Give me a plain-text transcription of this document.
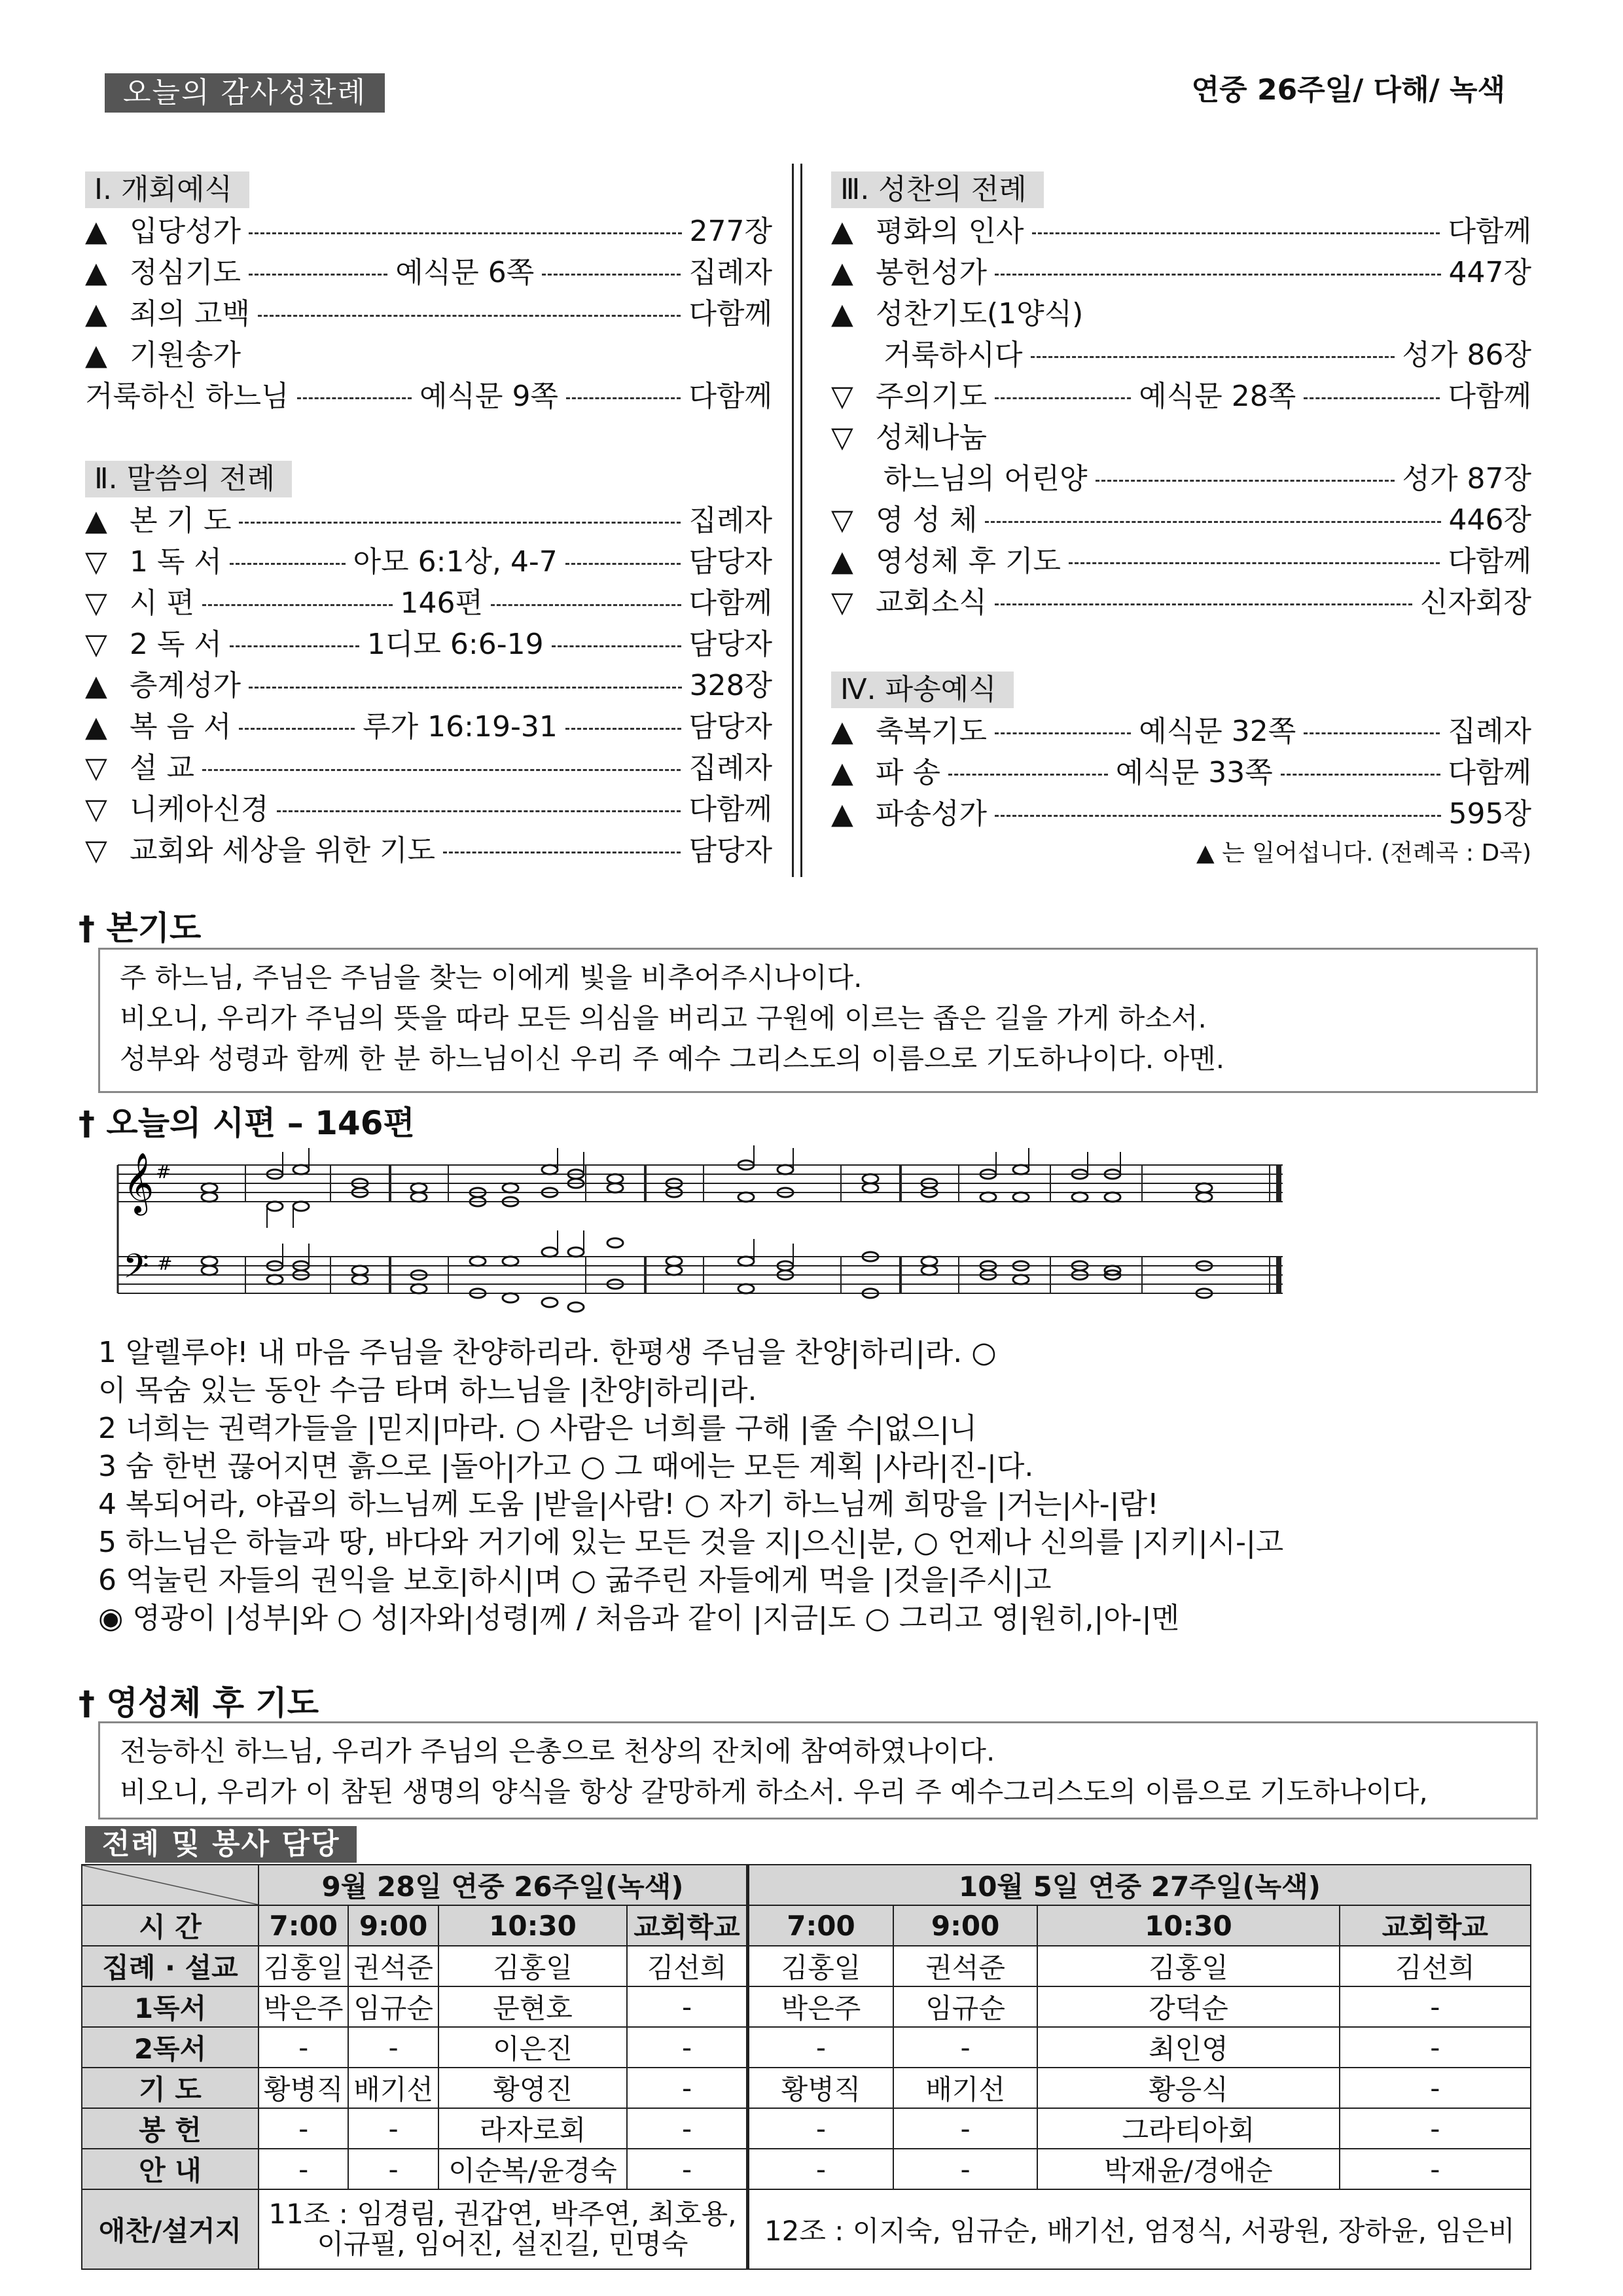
오늘의 감사성찬례	연중 26주일/ 다해/ 녹색
Ⅰ. 개회예식
▲ 입당성가	277장
▲ 정심기도	예식문 6쪽	집례자
▲ 죄의 고백	다함께
▲ 기원송가
거룩하신 하느님	예식문 9쪽	다함께
Ⅱ. 말씀의 전례
▲ 본 기 도	집례자
▽ 1 독 서	아모 6:1상, 4-7	담당자
▽ 시 편	146편	다함께
▽ 2 독 서	1디모 6:6-19	담당자
▲ 층계성가	328장
▲ 복 음 서	루가 16:19-31	담당자
▽ 설 교	집례자
▽ 니케아신경	다함께
▽ 교회와 세상을 위한 기도	담당자
Ⅲ. 성찬의 전례
▲ 평화의 인사	다함께
▲ 봉헌성가	447장
▲ 성찬기도(1양식)
거룩하시다	성가 86장
▽ 주의기도	예식문 28쪽	다함께
▽ 성체나눔
하느님의 어린양	성가 87장
▽ 영 성 체	446장
▲ 영성체 후 기도	다함께
▽ 교회소식	신자회장
Ⅳ. 파송예식
▲ 축복기도	예식문 32쪽	집례자
▲ 파 송	예식문 33쪽	다함께
▲ 파송성가	595장
▲ 는 일어섭니다. (전례곡 : D곡)
† 본기도
주 하느님, 주님은 주님을 찾는 이에게 빛을 비추어주시나이다.
비오니, 우리가 주님의 뜻을 따라 모든 의심을 버리고 구원에 이르는 좁은 길을 가게 하소서.
성부와 성령과 함께 한 분 하느님이신 우리 주 예수 그리스도의 이름으로 기도하나이다. 아멘.
† 오늘의 시편 – 146편
𝄞 #
𝄢 #
1 알렐루야! 내 마음 주님을 찬양하리라. 한평생 주님을 찬양|하리|라. ○
이 목숨 있는 동안 수금 타며 하느님을 |찬양|하리|라.
2 너희는 권력가들을 |믿지|마라. ○ 사람은 너희를 구해 |줄 수|없으|니
3 숨 한번 끊어지면 흙으로 |돌아|가고 ○ 그 때에는 모든 계획 |사라|진-|다.
4 복되어라, 야곱의 하느님께 도움 |받을|사람! ○ 자기 하느님께 희망을 |거는|사-|람!
5 하느님은 하늘과 땅, 바다와 거기에 있는 모든 것을 지|으신|분, ○ 언제나 신의를 |지키|시-|고
6 억눌린 자들의 권익을 보호|하시|며 ○ 굶주린 자들에게 먹을 |것을|주시|고
◉ 영광이 |성부|와 ○ 성|자와|성령|께 / 처음과 같이 |지금|도 ○ 그리고 영|원히,|아-|멘
† 영성체 후 기도
전능하신 하느님, 우리가 주님의 은총으로 천상의 잔치에 참여하였나이다.
비오니, 우리가 이 참된 생명의 양식을 항상 갈망하게 하소서. 우리 주 예수그리스도의 이름으로 기도하나이다,
전례 및 봉사 담당
	9월 28일 연중 26주일(녹색)				10월 5일 연중 27주일(녹색)			
시 간	7:00	9:00	10:30	교회학교	7:00	9:00	10:30	교회학교
집례 · 설교	김홍일	권석준	김홍일	김선희	김홍일	권석준	김홍일	김선희
1독서	박은주	임규순	문현호	-	박은주	임규순	강덕순	-
2독서	-	-	이은진	-	-	-	최인영	-
기 도	황병직	배기선	황영진	-	황병직	배기선	황응식	-
봉 헌	-	-	라자로회	-	-	-	그라티아회	-
안 내	-	-	이순복/윤경숙	-	-	-	박재윤/경애순	-
애찬/설거지	11조 : 임경림, 권갑연, 박주연, 최호용,
이규필, 임어진, 설진길, 민명숙				12조 : 이지숙, 임규순, 배기선, 엄정식, 서광원, 장하윤, 임은비			
